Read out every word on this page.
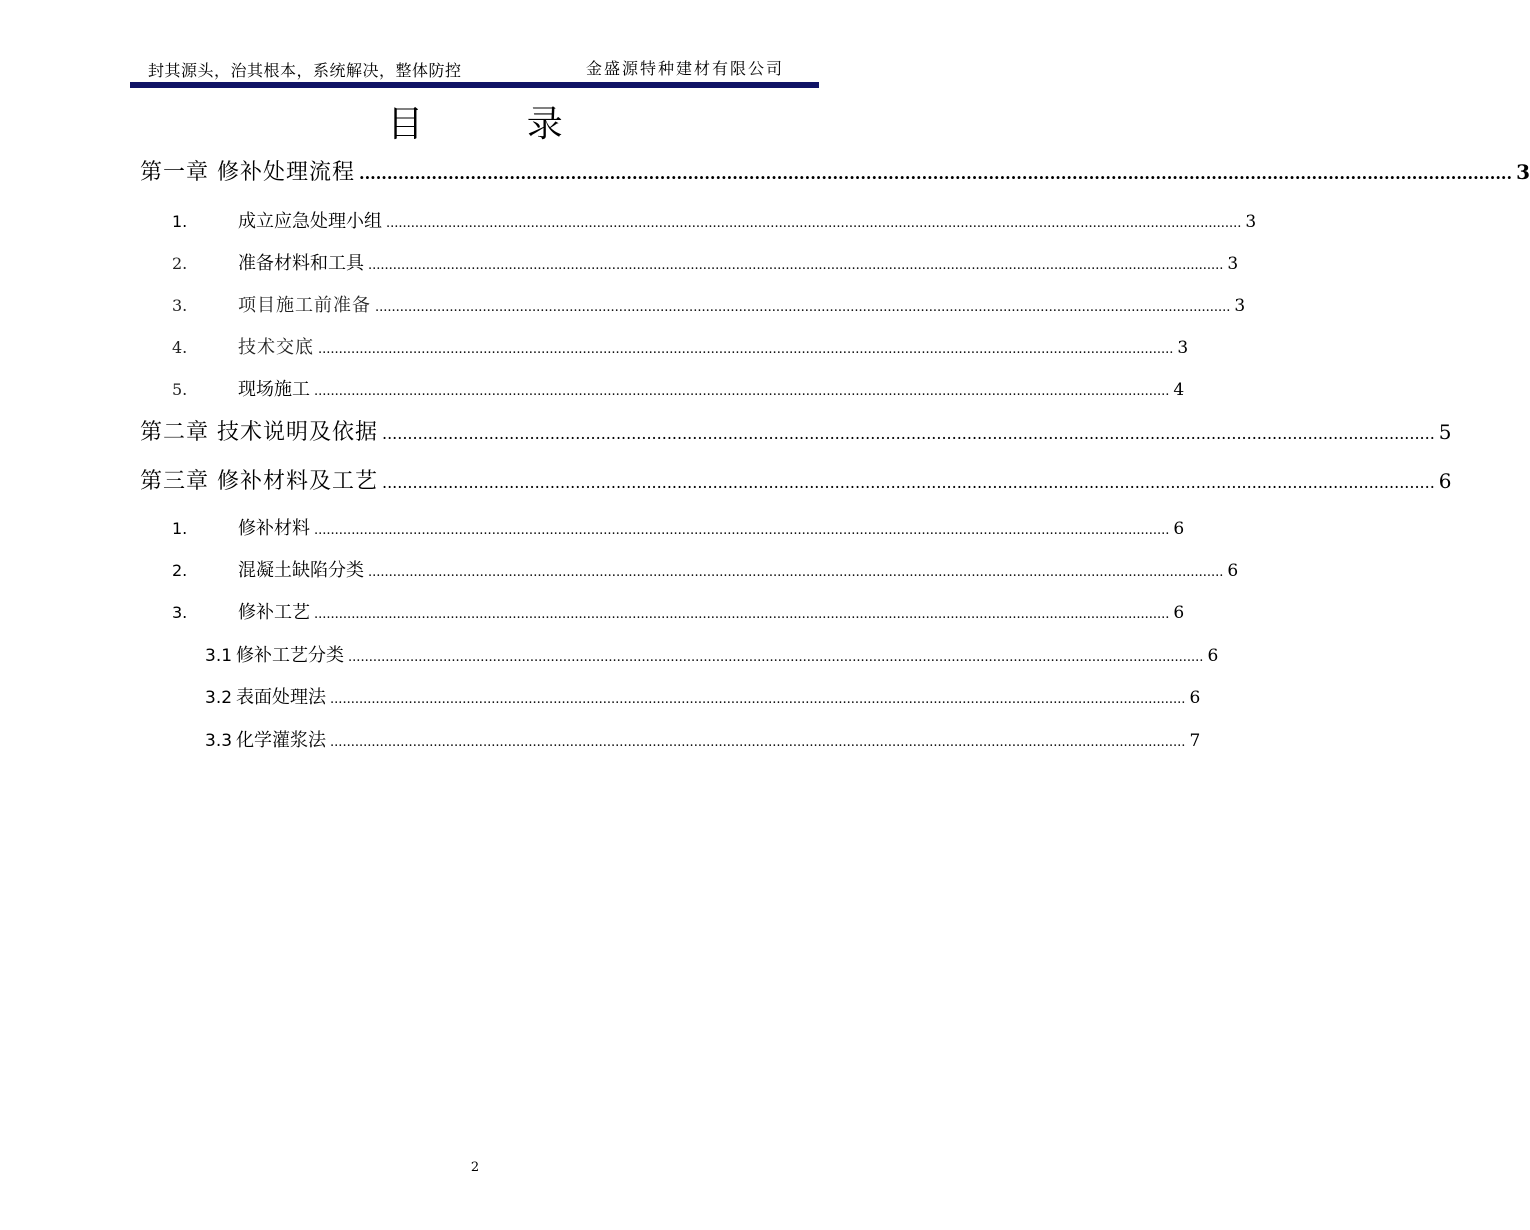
封其源头，治其根本，系统解决，整体防控	金盛源特种建材有限公司
目 录
第一章 修补处理流程 ............................................................................................................................................................................................................... 3
1.	成立应急处理小组 ............................................................................................................................................................................................................... 3
2.	准备材料和工具 ............................................................................................................................................................................................................... 3
3.	项目施工前准备 ............................................................................................................................................................................................................... 3
4.	技术交底 ............................................................................................................................................................................................................... 3
5.	现场施工 ............................................................................................................................................................................................................... 4
第二章 技术说明及依据 ............................................................................................................................................................................................................... 5
第三章 修补材料及工艺 ............................................................................................................................................................................................................... 6
1.	修补材料 ............................................................................................................................................................................................................... 6
2.	混凝土缺陷分类 ............................................................................................................................................................................................................... 6
3.	修补工艺 ............................................................................................................................................................................................................... 6
3.1 修补工艺分类 ............................................................................................................................................................................................................... 6
3.2 表面处理法 ............................................................................................................................................................................................................... 6
3.3 化学灌浆法 ............................................................................................................................................................................................................... 7
2
